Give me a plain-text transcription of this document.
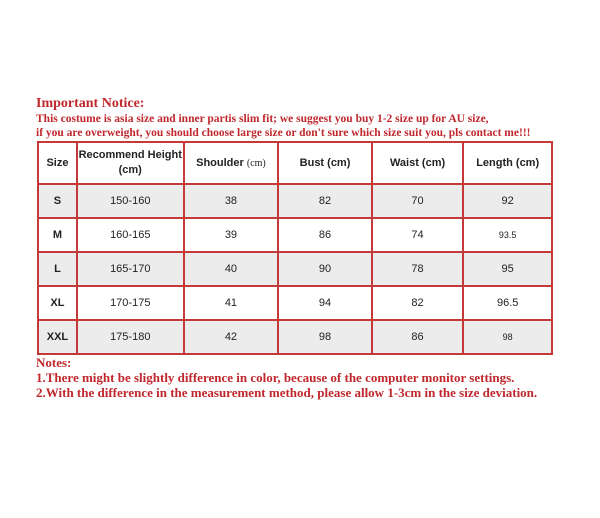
Important Notice:
This costume is asia size and inner partis slim fit; we suggest you buy 1-2 size up for AU size,
if you are overweight, you should choose large size or don't sure which size suit you, pls contact me!!!
Size	Recommend Height (cm)	Shoulder (cm)	Bust (cm)	Waist (cm)	Length (cm)
S	150-160	38	82	70	92
M	160-165	39	86	74	93.5
L	165-170	40	90	78	95
XL	170-175	41	94	82	96.5
XXL	175-180	42	98	86	98
Notes:
1.There might be slightly difference in color, because of the computer monitor settings.
2.With the difference in the measurement method, please allow 1-3cm in the size deviation.
